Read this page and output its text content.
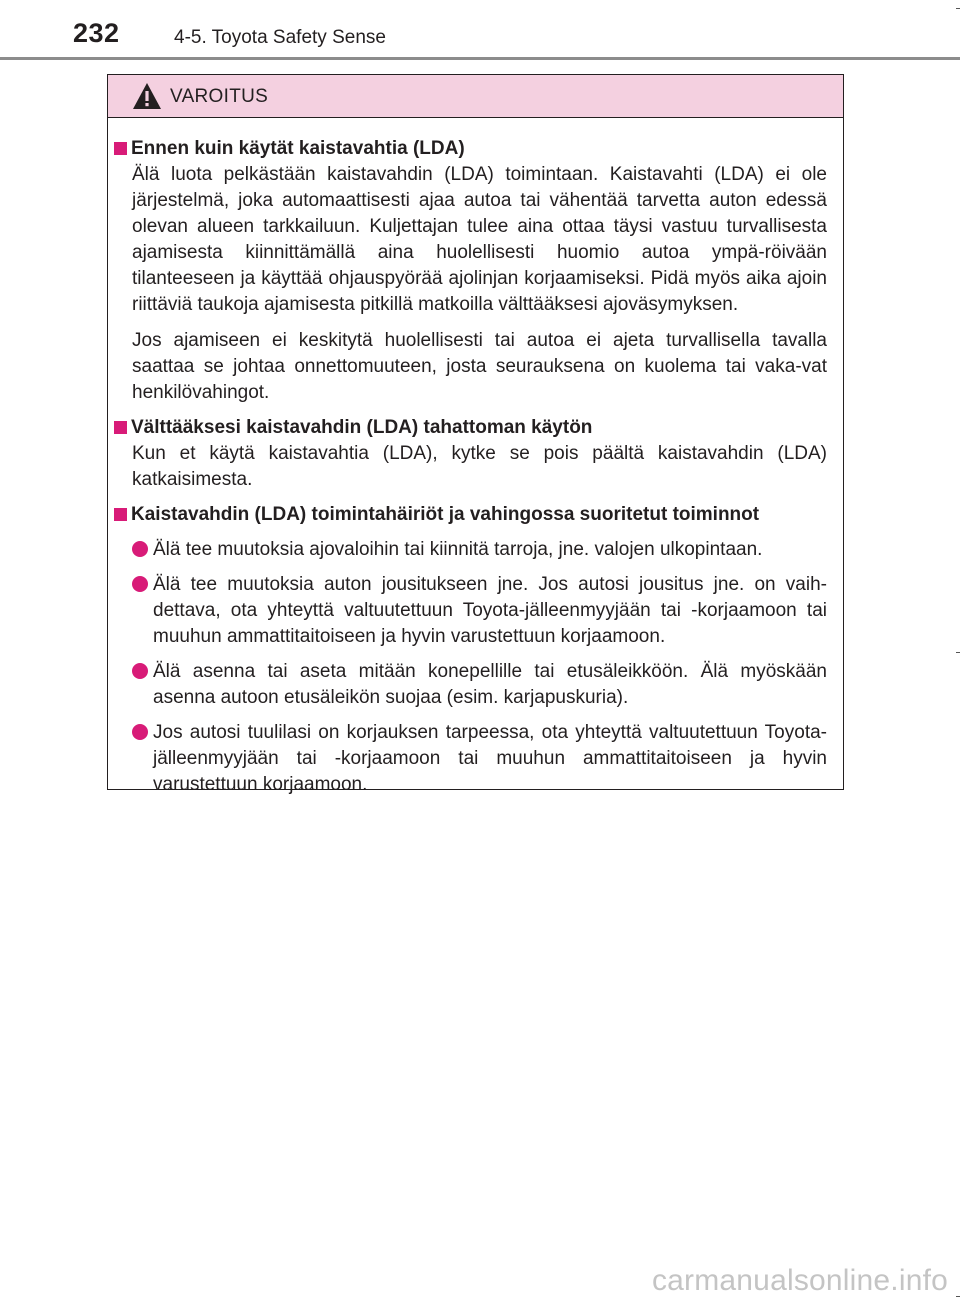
232	4-5. Toyota Safety Sense
VAROITUS
Ennen kuin käytät kaistavahtia (LDA)

Älä luota pelkästään kaistavahdin (LDA) toimintaan. Kaistavahti (LDA) ei ole järjestelmä, joka automaattisesti ajaa autoa tai vähentää tarvetta auton edessä olevan alueen tarkkailuun. Kuljettajan tulee aina ottaa täysi vastuu turvallisesta ajamisesta kiinnittämällä aina huolellisesti huomio autoa ympä-röivään tilanteeseen ja käyttää ohjauspyörää ajolinjan korjaamiseksi. Pidä myös aika ajoin riittäviä taukoja ajamisesta pitkillä matkoilla välttääksesi ajoväsymyksen.

Jos ajamiseen ei keskitytä huolellisesti tai autoa ei ajeta turvallisella tavalla saattaa se johtaa onnettomuuteen, josta seurauksena on kuolema tai vaka-vat henkilövahingot.

Välttääksesi kaistavahdin (LDA) tahattoman käytön

Kun et käytä kaistavahtia (LDA), kytke se pois päältä kaistavahdin (LDA) katkaisimesta.

Kaistavahdin (LDA) toimintahäiriöt ja vahingossa suoritetut toiminnot
Älä tee muutoksia ajovaloihin tai kiinnitä tarroja, jne. valojen ulkopintaan.
Älä tee muutoksia auton jousitukseen jne. Jos autosi jousitus jne. on vaih-dettava, ota yhteyttä valtuutettuun Toyota-jälleenmyyjään tai -korjaamoon tai muuhun ammattitaitoiseen ja hyvin varustettuun korjaamoon.
Älä asenna tai aseta mitään konepellille tai etusäleikköön. Älä myöskään asenna autoon etusäleikön suojaa (esim. karjapuskuria).
Jos autosi tuulilasi on korjauksen tarpeessa, ota yhteyttä valtuutettuun Toyota-jälleenmyyjään tai -korjaamoon tai muuhun ammattitaitoiseen ja hyvin varustettuun korjaamoon.
carmanualsonline.info
